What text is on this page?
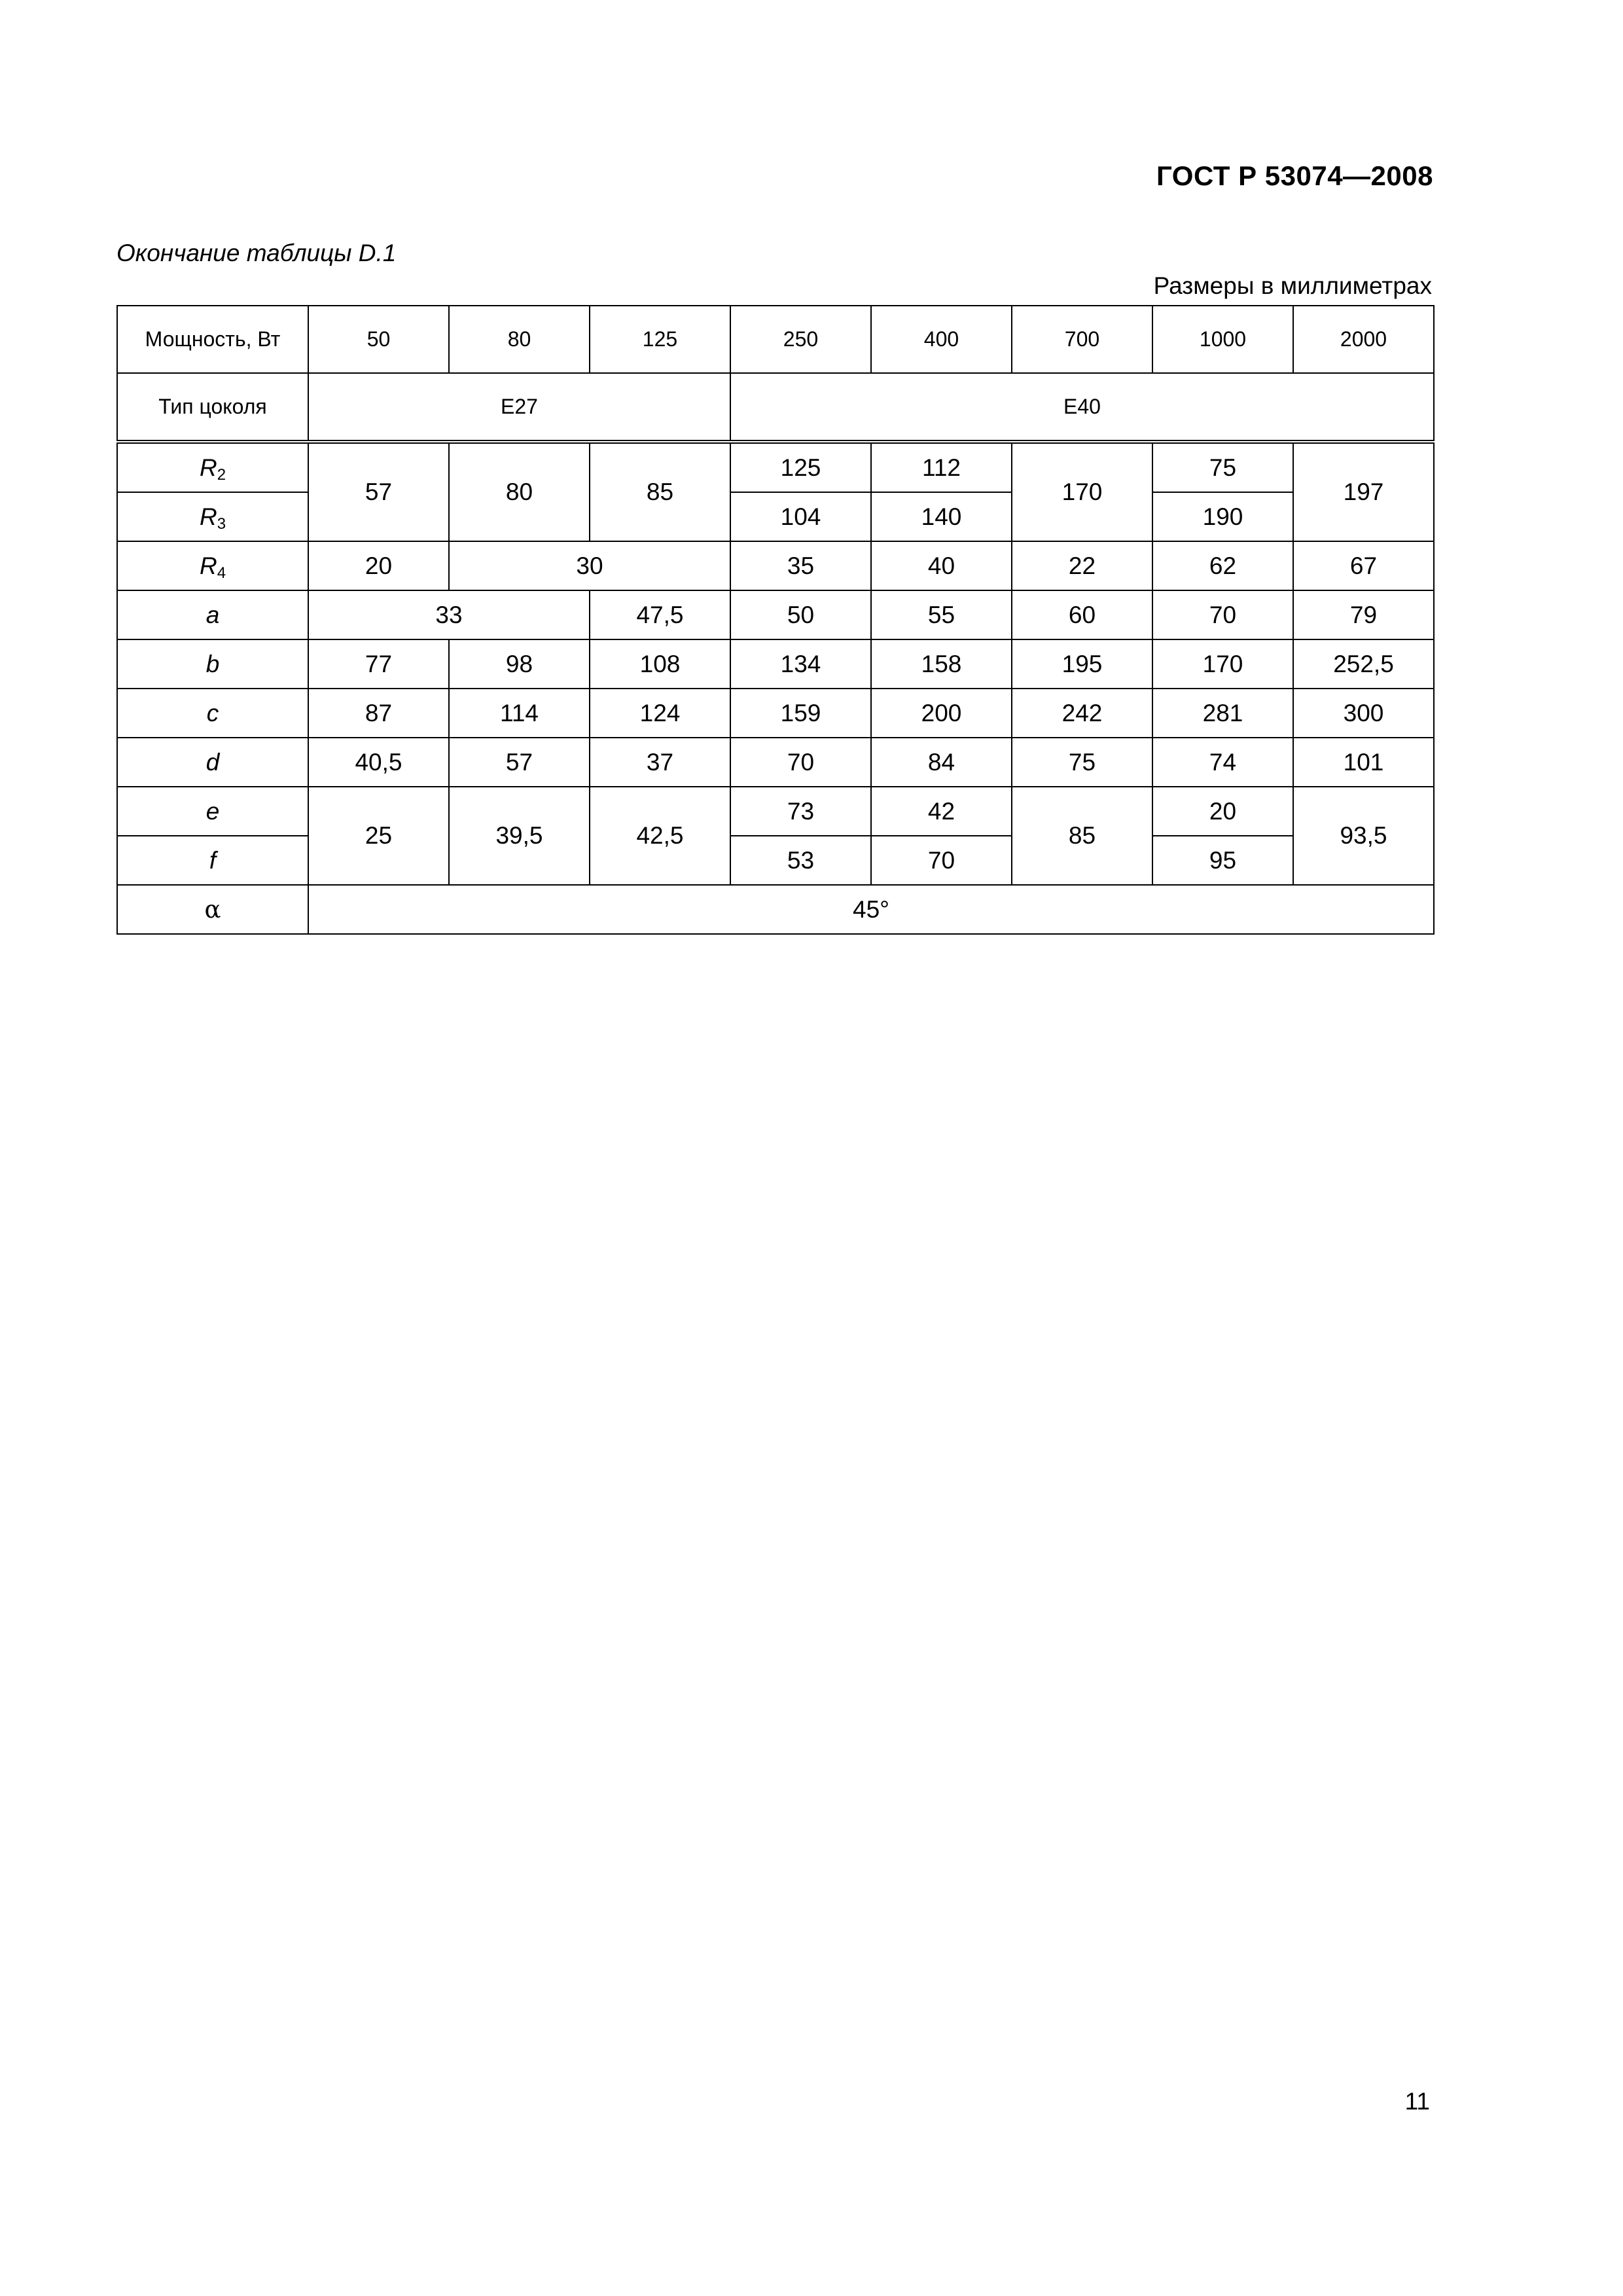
ГОСТ Р 53074—2008
Окончание таблицы D.1
Размеры в миллиметрах
Мощность, Вт	50	80	125	250	400	700	1000	2000
Тип цоколя	E27			E40				
$R_2$	57	80	85	125	112	170	75	197
$R_3$				104	140		190	
$R_4$	20	30		35	40	22	62	67
a	33		47,5	50	55	60	70	79
b	77	98	108	134	158	195	170	252,5
c	87	114	124	159	200	242	281	300
d	40,5	57	37	70	84	75	74	101
e	25	39,5	42,5	73	42	85	20	93,5
f				53	70		95	
α	45°							
11
